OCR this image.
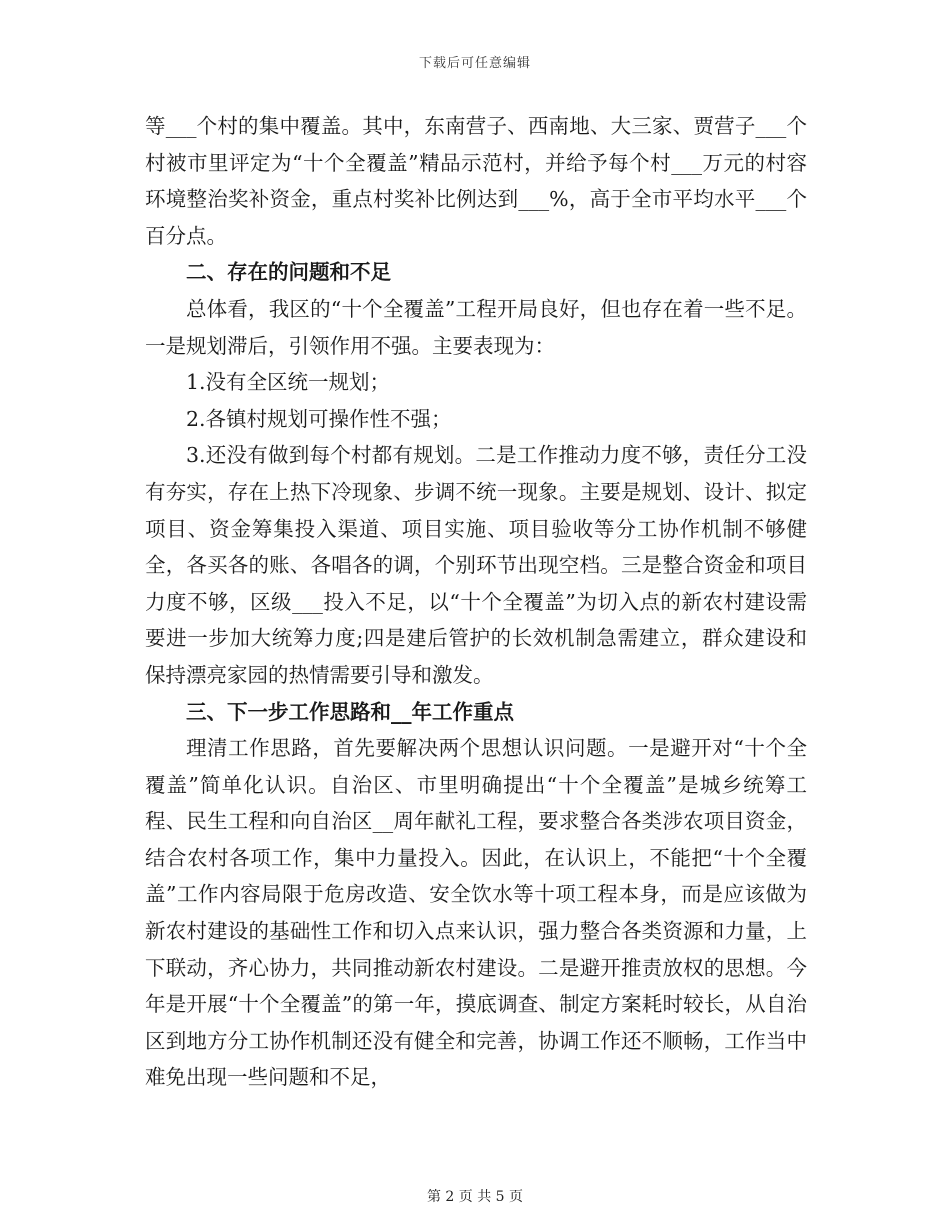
下载后可任意编辑

等___个村的集中覆盖。其中，东南营子、西南地、大三家、贾营子___个村被市里评定为“十个全覆盖”精品示范村，并给予每个村___万元的村容环境整治奖补资金，重点村奖补比例达到___%，高于全市平均水平___个百分点。

二、存在的问题和不足

总体看，我区的“十个全覆盖”工程开局良好，但也存在着一些不足。一是规划滞后，引领作用不强。主要表现为：

1.没有全区统一规划；

2.各镇村规划可操作性不强；

3.还没有做到每个村都有规划。二是工作推动力度不够，责任分工没有夯实，存在上热下冷现象、步调不统一现象。主要是规划、设计、拟定项目、资金筹集投入渠道、项目实施、项目验收等分工协作机制不够健全，各买各的账、各唱各的调，个别环节出现空档。三是整合资金和项目力度不够，区级___投入不足，以“十个全覆盖”为切入点的新农村建设需要进一步加大统筹力度;四是建后管护的长效机制急需建立，群众建设和保持漂亮家园的热情需要引导和激发。

三、下一步工作思路和__年工作重点

理清工作思路，首先要解决两个思想认识问题。一是避开对“十个全覆盖”简单化认识。自治区、市里明确提出“十个全覆盖”是城乡统筹工程、民生工程和向自治区__周年献礼工程，要求整合各类涉农项目资金，结合农村各项工作，集中力量投入。因此，在认识上，不能把“十个全覆盖”工作内容局限于危房改造、安全饮水等十项工程本身，而是应该做为新农村建设的基础性工作和切入点来认识，强力整合各类资源和力量，上下联动，齐心协力，共同推动新农村建设。二是避开推责放权的思想。今年是开展“十个全覆盖”的第一年，摸底调查、制定方案耗时较长，从自治区到地方分工协作机制还没有健全和完善，协调工作还不顺畅，工作当中难免出现一些问题和不足，

第 2 页 共 5 页
